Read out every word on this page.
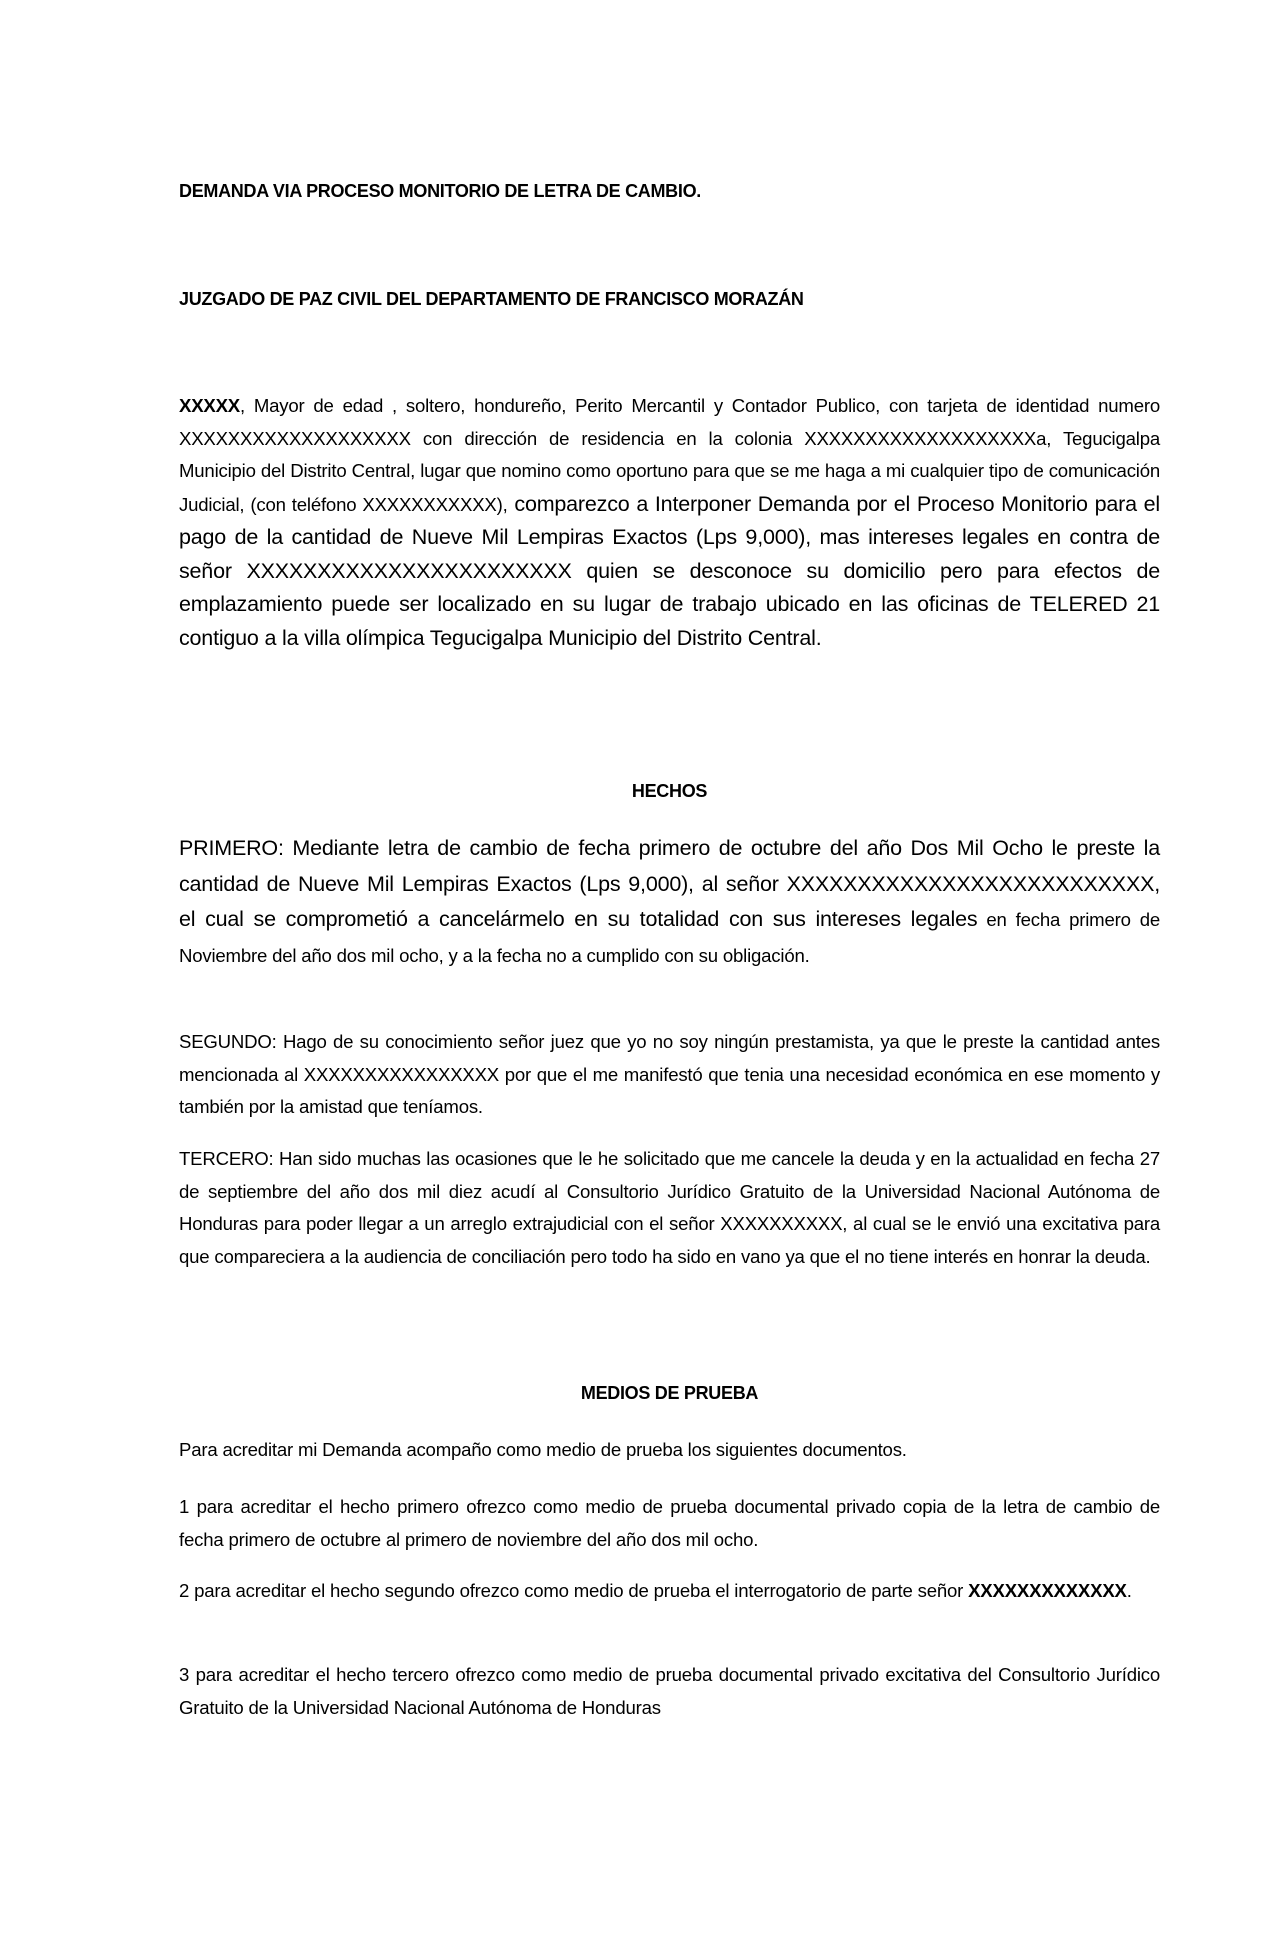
DEMANDA VIA PROCESO MONITORIO DE LETRA DE CAMBIO.
JUZGADO DE PAZ CIVIL DEL DEPARTAMENTO DE FRANCISCO MORAZÁN
XXXXX, Mayor de edad , soltero, hondureño, Perito Mercantil y Contador Publico, con tarjeta de identidad numero XXXXXXXXXXXXXXXXXXX con dirección de residencia en la colonia XXXXXXXXXXXXXXXXXXXa, Tegucigalpa Municipio del Distrito Central, lugar que nomino como oportuno para que se me haga a mi cualquier tipo de comunicación Judicial, (con teléfono XXXXXXXXXXX), comparezco a Interponer Demanda por el Proceso Monitorio para el pago de la cantidad de Nueve Mil Lempiras Exactos (Lps 9,000), mas intereses legales en contra de señor XXXXXXXXXXXXXXXXXXXXXXX quien se desconoce su domicilio pero para efectos de emplazamiento puede ser localizado en su lugar de trabajo ubicado en las oficinas de TELERED 21 contiguo a la villa olímpica Tegucigalpa Municipio del Distrito Central.
HECHOS
PRIMERO: Mediante letra de cambio de fecha primero de octubre del año Dos Mil Ocho le preste la cantidad de Nueve Mil Lempiras Exactos (Lps 9,000), al señor XXXXXXXXXXXXXXXXXXXXXXXXXX, el cual se comprometió a cancelármelo en su totalidad con sus intereses legales en fecha primero de Noviembre del año dos mil ocho, y a la fecha no a cumplido con su obligación.
SEGUNDO: Hago de su conocimiento señor juez que yo no soy ningún prestamista, ya que le preste la cantidad antes mencionada al XXXXXXXXXXXXXXXX por que el me manifestó que tenia una necesidad económica en ese momento y también por la amistad que teníamos.
TERCERO: Han sido muchas las ocasiones que le he solicitado que me cancele la deuda y en la actualidad en fecha 27 de septiembre del año dos mil diez acudí al Consultorio Jurídico Gratuito de la Universidad Nacional Autónoma de Honduras para poder llegar a un arreglo extrajudicial con el señor XXXXXXXXXX, al cual se le envió una excitativa para que compareciera a la audiencia de conciliación pero todo ha sido en vano ya que el no tiene interés en honrar la deuda.
MEDIOS DE PRUEBA
Para acreditar mi Demanda acompaño como medio de prueba los siguientes documentos.
1 para acreditar el hecho primero ofrezco como medio de prueba documental privado copia de la letra de cambio de fecha primero de octubre al primero de noviembre del año dos mil ocho.
2 para acreditar el hecho segundo ofrezco como medio de prueba el interrogatorio de parte señor XXXXXXXXXXXXX.
3 para acreditar el hecho tercero ofrezco como medio de prueba documental privado excitativa del Consultorio Jurídico Gratuito de la Universidad Nacional Autónoma de Honduras
